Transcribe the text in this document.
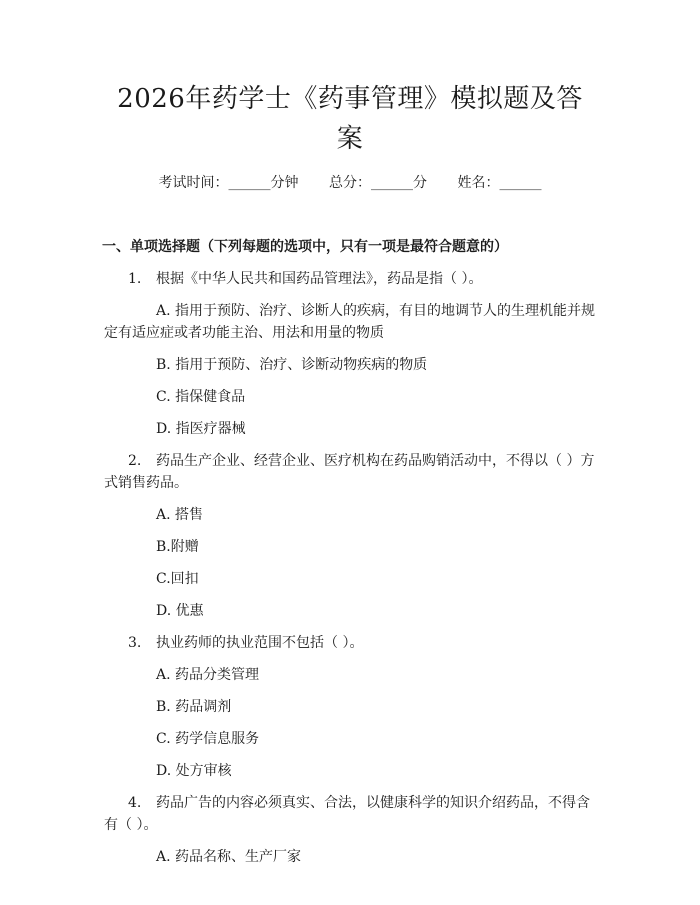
2026年药学士《药事管理》模拟题及答案
考试时间：______分钟 总分：______分 姓名：______
一、单项选择题（下列每题的选项中，只有一项是最符合题意的）
1. 根据《中华人民共和国药品管理法》，药品是指（ ）。
A. 指用于预防、治疗、诊断人的疾病，有目的地调节人的生理机能并规定有适应症或者功能主治、用法和用量的物质
B. 指用于预防、治疗、诊断动物疾病的物质
C. 指保健食品
D. 指医疗器械
2. 药品生产企业、经营企业、医疗机构在药品购销活动中，不得以（ ）方式销售药品。
A. 搭售
B.附赠
C.回扣
D. 优惠
3. 执业药师的执业范围不包括（ ）。
A. 药品分类管理
B. 药品调剂
C. 药学信息服务
D. 处方审核
4. 药品广告的内容必须真实、合法，以健康科学的知识介绍药品，不得含有（ ）。
A. 药品名称、生产厂家
